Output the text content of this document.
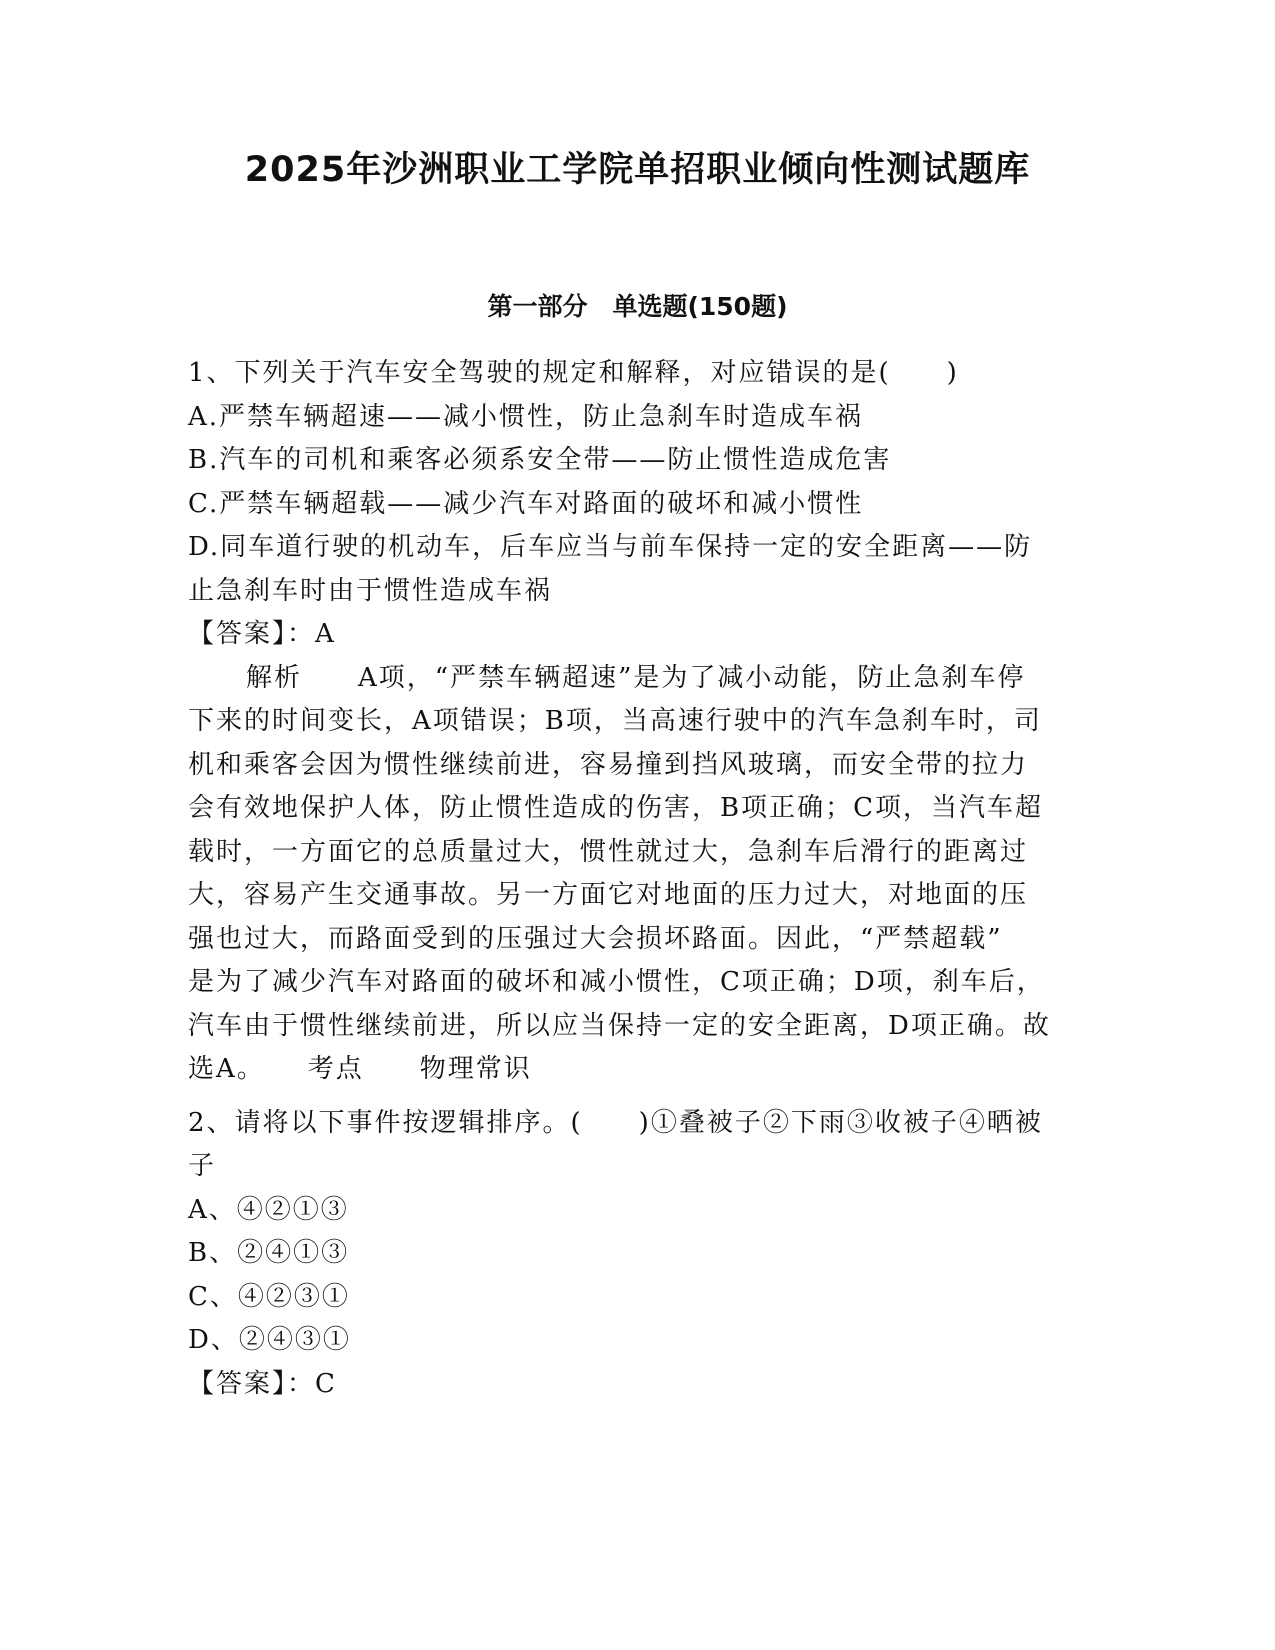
2025年沙洲职业工学院单招职业倾向性测试题库
第一部分　单选题(150题)
1、下列关于汽车安全驾驶的规定和解释，对应错误的是(　　)
A.严禁车辆超速——减小惯性，防止急刹车时造成车祸
B.汽车的司机和乘客必须系安全带——防止惯性造成危害
C.严禁车辆超载——减少汽车对路面的破坏和减小惯性
D.同车道行驶的机动车，后车应当与前车保持一定的安全距离——防
止急刹车时由于惯性造成车祸
【答案】：A
解析　　A项，“严禁车辆超速”是为了减小动能，防止急刹车停
下来的时间变长，A项错误；B项，当高速行驶中的汽车急刹车时，司
机和乘客会因为惯性继续前进，容易撞到挡风玻璃，而安全带的拉力
会有效地保护人体，防止惯性造成的伤害，B项正确；C项，当汽车超
载时，一方面它的总质量过大，惯性就过大，急刹车后滑行的距离过
大，容易产生交通事故。另一方面它对地面的压力过大，对地面的压
强也过大，而路面受到的压强过大会损坏路面。因此，“严禁超载”
是为了减少汽车对路面的破坏和减小惯性，C项正确；D项，刹车后，
汽车由于惯性继续前进，所以应当保持一定的安全距离，D项正确。故
选A。　　考点　　物理常识
2、请将以下事件按逻辑排序。(　　)①叠被子②下雨③收被子④晒被
子
A、④②①③
B、②④①③
C、④②③①
D、②④③①
【答案】：C
